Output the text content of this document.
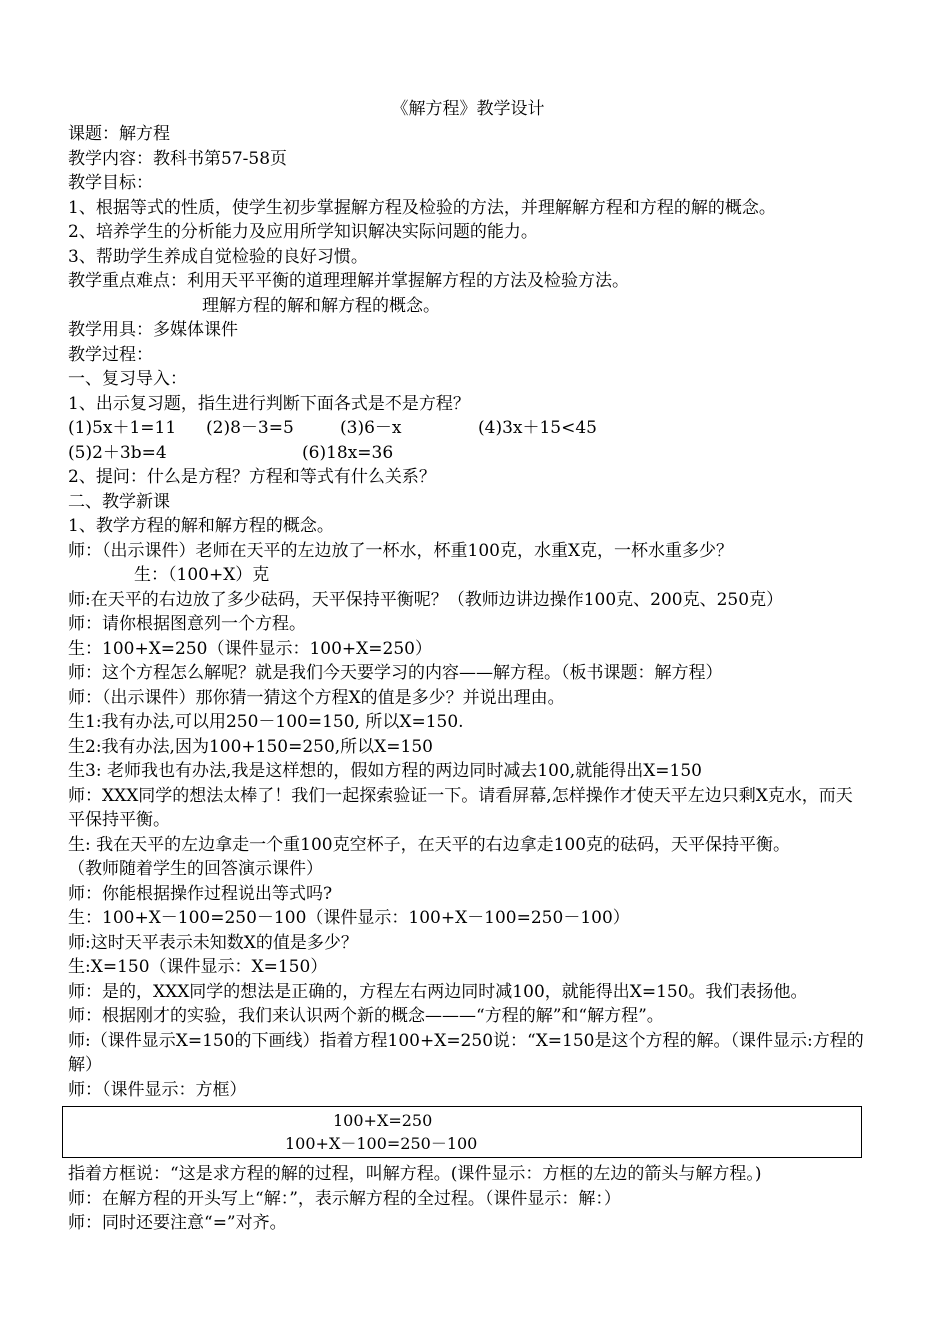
《解方程》教学设计
课题：解方程
教学内容：教科书第57-58页
教学目标：
1、根据等式的性质，使学生初步掌握解方程及检验的方法，并理解解方程和方程的解的概念。
2、培养学生的分析能力及应用所学知识解决实际问题的能力。
3、帮助学生养成自觉检验的良好习惯。
教学重点难点：利用天平平衡的道理理解并掌握解方程的方法及检验方法。
理解方程的解和解方程的概念。
教学用具：多媒体课件
教学过程：
一、复习导入：
1、出示复习题，指生进行判断下面各式是不是方程？
(1)5x＋1=11 (2)8－3=5	(3)6－x	(4)3x＋15<45
(5)2＋3b=4	(6)18x=36
2、提问：什么是方程？方程和等式有什么关系？
二、教学新课
1、教学方程的解和解方程的概念。
师：（出示课件）老师在天平的左边放了一杯水，杯重100克，水重X克，一杯水重多少？
生：（100+X）克
师:在天平的右边放了多少砝码，天平保持平衡呢？（教师边讲边操作100克、200克、250克）
师：请你根据图意列一个方程。
生：100+X=250（课件显示：100+X=250）
师：这个方程怎么解呢？就是我们今天要学习的内容——解方程。（板书课题：解方程）
师：（出示课件）那你猜一猜这个方程X的值是多少？并说出理由。
生1:我有办法,可以用250－100=150, 所以X=150.
生2:我有办法,因为100+150=250,所以X=150
生3: 老师我也有办法,我是这样想的，假如方程的两边同时减去100,就能得出X=150
师：XXX同学的想法太棒了！我们一起探索验证一下。请看屏幕,怎样操作才使天平左边只剩X克水，而天平保持平衡。
生: 我在天平的左边拿走一个重100克空杯子，在天平的右边拿走100克的砝码，天平保持平衡。
（教师随着学生的回答演示课件）
师：你能根据操作过程说出等式吗?
生：100+X－100=250－100（课件显示：100+X－100=250－100）
师:这时天平表示未知数X的值是多少？
生:X=150（课件显示：X=150）
师：是的，XXX同学的想法是正确的，方程左右两边同时减100，就能得出X=150。我们表扬他。
师：根据刚才的实验，我们来认识两个新的概念———“方程的解”和“解方程”。
师:（课件显示X=150的下画线）指着方程100+X=250说：“X=150是这个方程的解。（课件显示:方程的解）
师：（课件显示：方框）
100+X=250
100+X－100=250－100
指着方框说：“这是求方程的解的过程，叫解方程。(课件显示：方框的左边的箭头与解方程。)
师：在解方程的开头写上“解：”，表示解方程的全过程。（课件显示：解：）
师：同时还要注意“=”对齐。
